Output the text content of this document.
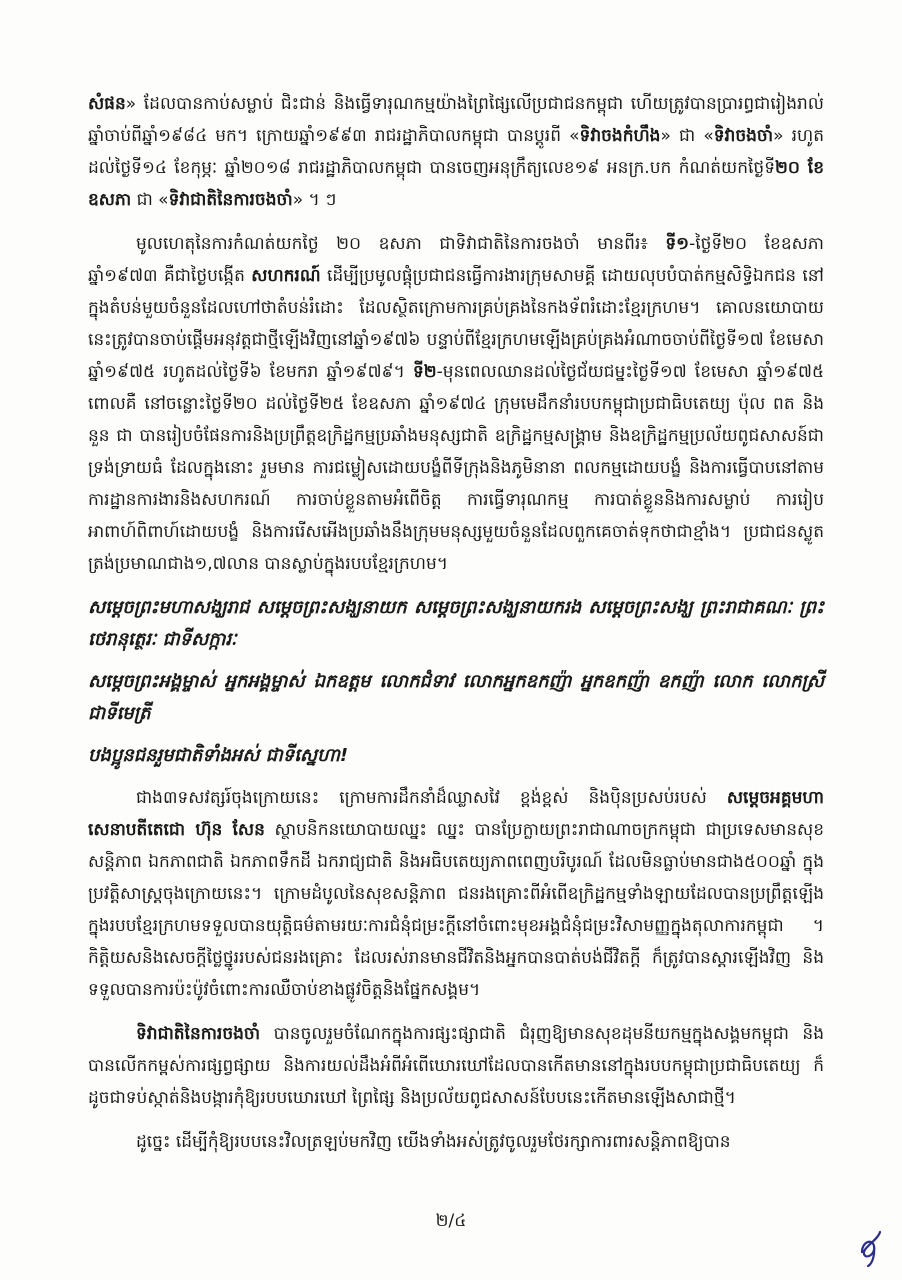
សំផន» ដែលបានកាប់សម្លាប់ ជិះជាន់ និងធ្វើទារុណកម្មយ៉ាងព្រៃផ្សៃលើប្រជាជនកម្ពុជា ហើយត្រូវបានប្រារព្ធជារៀងរាល់ឆ្នាំចាប់ពីឆ្នាំ១៩៨៤ មក។ ក្រោយឆ្នាំ១៩៩៣ រាជរដ្ឋាភិបាលកម្ពុជា បានប្តូរពី «ទិវាចងកំហឹង» ជា «ទិវាចងចាំ» រហូតដល់ថ្ងៃទី១៤ ខែកុម្ភៈ ឆ្នាំ២០១៨ រាជរដ្ឋាភិបាលកម្ពុជា បានចេញអនុក្រឹត្យលេខ១៩ អនក្រ.បក កំណត់យកថ្ងៃទី២០ ខែឧសភា ជា «ទិវាជាតិនៃការចងចាំ» ។ ៗ

មូលហេតុនៃការកំណត់យកថ្ងៃ ២០ ឧសភា ជាទិវាជាតិនៃការចងចាំ មានពីរ៖ ទី១-ថ្ងៃទី២០ ខែឧសភា ឆ្នាំ១៩៧៣ គឺជាថ្ងៃបង្កើត សហករណ៍ ដើម្បីប្រមូលផ្តុំប្រជាជនធ្វើការងារក្រុមសាមគ្គី ដោយលុបបំបាត់កម្មសិទ្ធិឯកជន នៅក្នុងតំបន់មួយចំនួនដែលហៅថាតំបន់រំដោះ ដែលស្ថិតក្រោមការគ្រប់គ្រងនៃកងទ័ពរំដោះខ្មែរក្រហម។ គោលនយោបាយនេះត្រូវបានចាប់ផ្តើមអនុវត្តជាថ្មីឡើងវិញនៅឆ្នាំ១៩៧៦ បន្ទាប់ពីខ្មែរក្រហមឡើងគ្រប់គ្រងអំណាចចាប់ពីថ្ងៃទី១៧ ខែមេសា ឆ្នាំ១៩៧៥ រហូតដល់ថ្ងៃទី៦ ខែមករា ឆ្នាំ១៩៧៩។ ទី២-មុនពេលឈានដល់ថ្ងៃជ័យជម្នះថ្ងៃទី១៧ ខែមេសា ឆ្នាំ១៩៧៥ ពោលគឺ នៅចន្លោះថ្ងៃទី២០ ដល់ថ្ងៃទី២៥ ខែឧសភា ឆ្នាំ១៩៧៤ ក្រុមមេដឹកនាំរបបកម្ពុជាប្រជាធិបតេយ្យ ប៉ុល ពត និង នួន ជា បានរៀបចំផែនការនិងប្រព្រឹត្តឧក្រិដ្ឋកម្មប្រឆាំងមនុស្សជាតិ ឧក្រិដ្ឋកម្មសង្គ្រាម និងឧក្រិដ្ឋកម្មប្រល័យពូជសាសន៍ជាទ្រង់ទ្រាយធំ ដែលក្នុងនោះ រួមមាន ការជម្លៀសដោយបង្ខំពីទីក្រុងនិងភូមិនានា ពលកម្មដោយបង្ខំ និងការធ្វើបាបនៅតាមការដ្ឋានការងារនិងសហករណ៍ ការចាប់ខ្លួនតាមអំពើចិត្ត ការធ្វើទារុណកម្ម ការបាត់ខ្លួននិងការសម្លាប់ ការរៀបអាពាហ៍ពិពាហ៍ដោយបង្ខំ និងការរើសអើងប្រឆាំងនឹងក្រុមមនុស្សមួយចំនួនដែលពួកគេចាត់ទុកថាជាខ្មាំង។ ប្រជាជនស្លូតត្រង់ប្រមាណជាង១,៧លាន បានស្លាប់ក្នុងរបបខ្មែរក្រហម។

សម្តេចព្រះមហាសង្ឃរាជ សម្តេចព្រះសង្ឃនាយក សម្តេចព្រះសង្ឃនាយករង សម្តេចព្រះសង្ឃ ព្រះរាជាគណៈ ព្រះថេរានុត្ថេរៈ ជាទីសក្ការៈ

សម្តេចព្រះអង្គម្ចាស់ អ្នកអង្គម្ចាស់ ឯកឧត្តម លោកជំទាវ លោកអ្នកឧកញ៉ា អ្នកឧកញ៉ា ឧកញ៉ា លោក លោកស្រី ជាទីមេត្រី

បងប្អូនជនរួមជាតិទាំងអស់ ជាទីស្នេហា!

ជាង៣ទសវត្សរ៍ចុងក្រោយនេះ ក្រោមការដឹកនាំដ៏ឈ្លាសវៃ ខ្ពង់ខ្ពស់ និងប៉ិនប្រសប់របស់ សម្តេចអគ្គមហាសេនាបតីតេជោ ហ៊ុន សែន ស្ថាបនិកនយោបាយឈ្នះ ឈ្នះ បានប្រែក្លាយព្រះរាជាណាចក្រកម្ពុជា ជាប្រទេសមានសុខសន្តិភាព ឯកភាពជាតិ ឯកភាពទឹកដី ឯករាជ្យជាតិ និងអធិបតេយ្យភាពពេញបរិបូរណ៍ ដែលមិនធ្លាប់មានជាង៥០០ឆ្នាំ ក្នុងប្រវត្តិសាស្ត្រចុងក្រោយនេះ។ ក្រោមដំបូលនៃសុខសន្តិភាព ជនរងគ្រោះពីអំពើឧក្រិដ្ឋកម្មទាំងឡាយដែលបានប្រព្រឹត្តឡើងក្នុងរបបខ្មែរក្រហមទទួលបានយុត្តិធម៌តាមរយៈការជំនុំជម្រះក្តីនៅចំពោះមុខអង្គជំនុំជម្រះវិសាមញ្ញក្នុងតុលាការកម្ពុជា ។ កិត្តិយសនិងសេចក្តីថ្លៃថ្នូររបស់ជនរងគ្រោះ ដែលរស់រានមានជីវិតនិងអ្នកបានបាត់បង់ជីវិតក្តី ក៏ត្រូវបានស្តារឡើងវិញ និងទទួលបានការប៉ះប៉ូវចំពោះការឈឺចាប់ខាងផ្លូវចិត្តនិងផ្នែកសង្គម។

ទិវាជាតិនៃការចងចាំ បានចូលរួមចំណែកក្នុងការផ្សះផ្សាជាតិ ជំរុញឱ្យមានសុខដុមនីយកម្មក្នុងសង្គមកម្ពុជា និងបានលើកកម្ពស់ការផ្សព្វផ្សាយ និងការយល់ដឹងអំពីអំពើឃោរឃៅដែលបានកើតមាននៅក្នុងរបបកម្ពុជាប្រជាធិបតេយ្យ ក៏ដូចជាទប់ស្កាត់និងបង្ការកុំឱ្យរបបឃោរឃៅ ព្រៃផ្សៃ និងប្រល័យពូជសាសន៍បែបនេះកើតមានឡើងសាជាថ្មី។

ដូច្នេះ ដើម្បីកុំឱ្យរបបនេះវិលត្រឡប់មកវិញ យើងទាំងអស់ត្រូវចូលរួមថែរក្សាការពារសន្តិភាពឱ្យបាន

២/៤
